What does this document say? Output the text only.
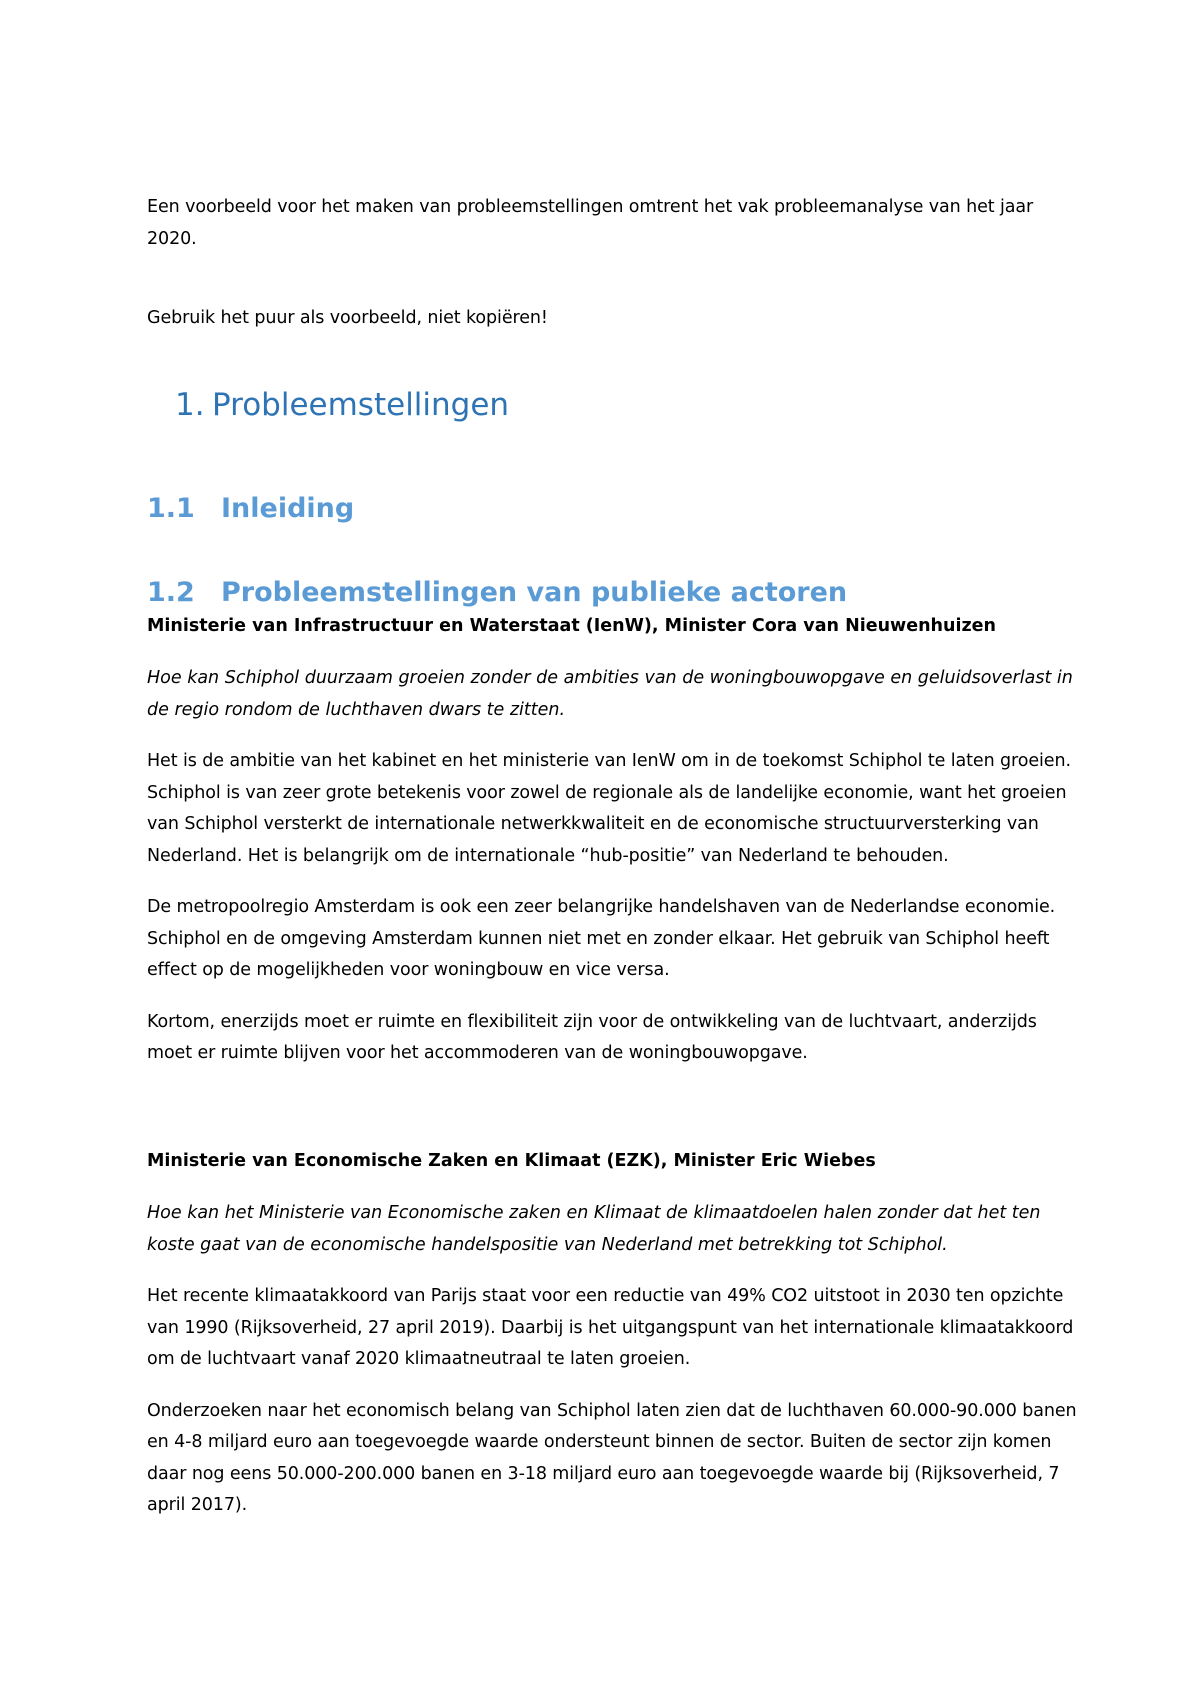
Een voorbeeld voor het maken van probleemstellingen omtrent het vak probleemanalyse van het jaar 2020.

Gebruik het puur als voorbeeld, niet kopiëren!

1. Probleemstellingen
1.1 Inleiding
1.2 Probleemstellingen van publieke actoren

Ministerie van Infrastructuur en Waterstaat (IenW), Minister Cora van Nieuwenhuizen

Hoe kan Schiphol duurzaam groeien zonder de ambities van de woningbouwopgave en geluidsoverlast in de regio rondom de luchthaven dwars te zitten.

Het is de ambitie van het kabinet en het ministerie van IenW om in de toekomst Schiphol te laten groeien. Schiphol is van zeer grote betekenis voor zowel de regionale als de landelijke economie, want het groeien van Schiphol versterkt de internationale netwerkkwaliteit en de economische structuurversterking van Nederland. Het is belangrijk om de internationale “hub-positie” van Nederland te behouden.

De metropoolregio Amsterdam is ook een zeer belangrijke handelshaven van de Nederlandse economie. Schiphol en de omgeving Amsterdam kunnen niet met en zonder elkaar. Het gebruik van Schiphol heeft effect op de mogelijkheden voor woningbouw en vice versa.

Kortom, enerzijds moet er ruimte en flexibiliteit zijn voor de ontwikkeling van de luchtvaart, anderzijds moet er ruimte blijven voor het accommoderen van de woningbouwopgave.

Ministerie van Economische Zaken en Klimaat (EZK), Minister Eric Wiebes

Hoe kan het Ministerie van Economische zaken en Klimaat de klimaatdoelen halen zonder dat het ten koste gaat van de economische handelspositie van Nederland met betrekking tot Schiphol.

Het recente klimaatakkoord van Parijs staat voor een reductie van 49% CO2 uitstoot in 2030 ten opzichte van 1990 (Rijksoverheid, 27 april 2019). Daarbij is het uitgangspunt van het internationale klimaatakkoord om de luchtvaart vanaf 2020 klimaatneutraal te laten groeien.

Onderzoeken naar het economisch belang van Schiphol laten zien dat de luchthaven 60.000-90.000 banen en 4-8 miljard euro aan toegevoegde waarde ondersteunt binnen de sector. Buiten de sector zijn komen daar nog eens 50.000-200.000 banen en 3-18 miljard euro aan toegevoegde waarde bij (Rijksoverheid, 7 april 2017).
